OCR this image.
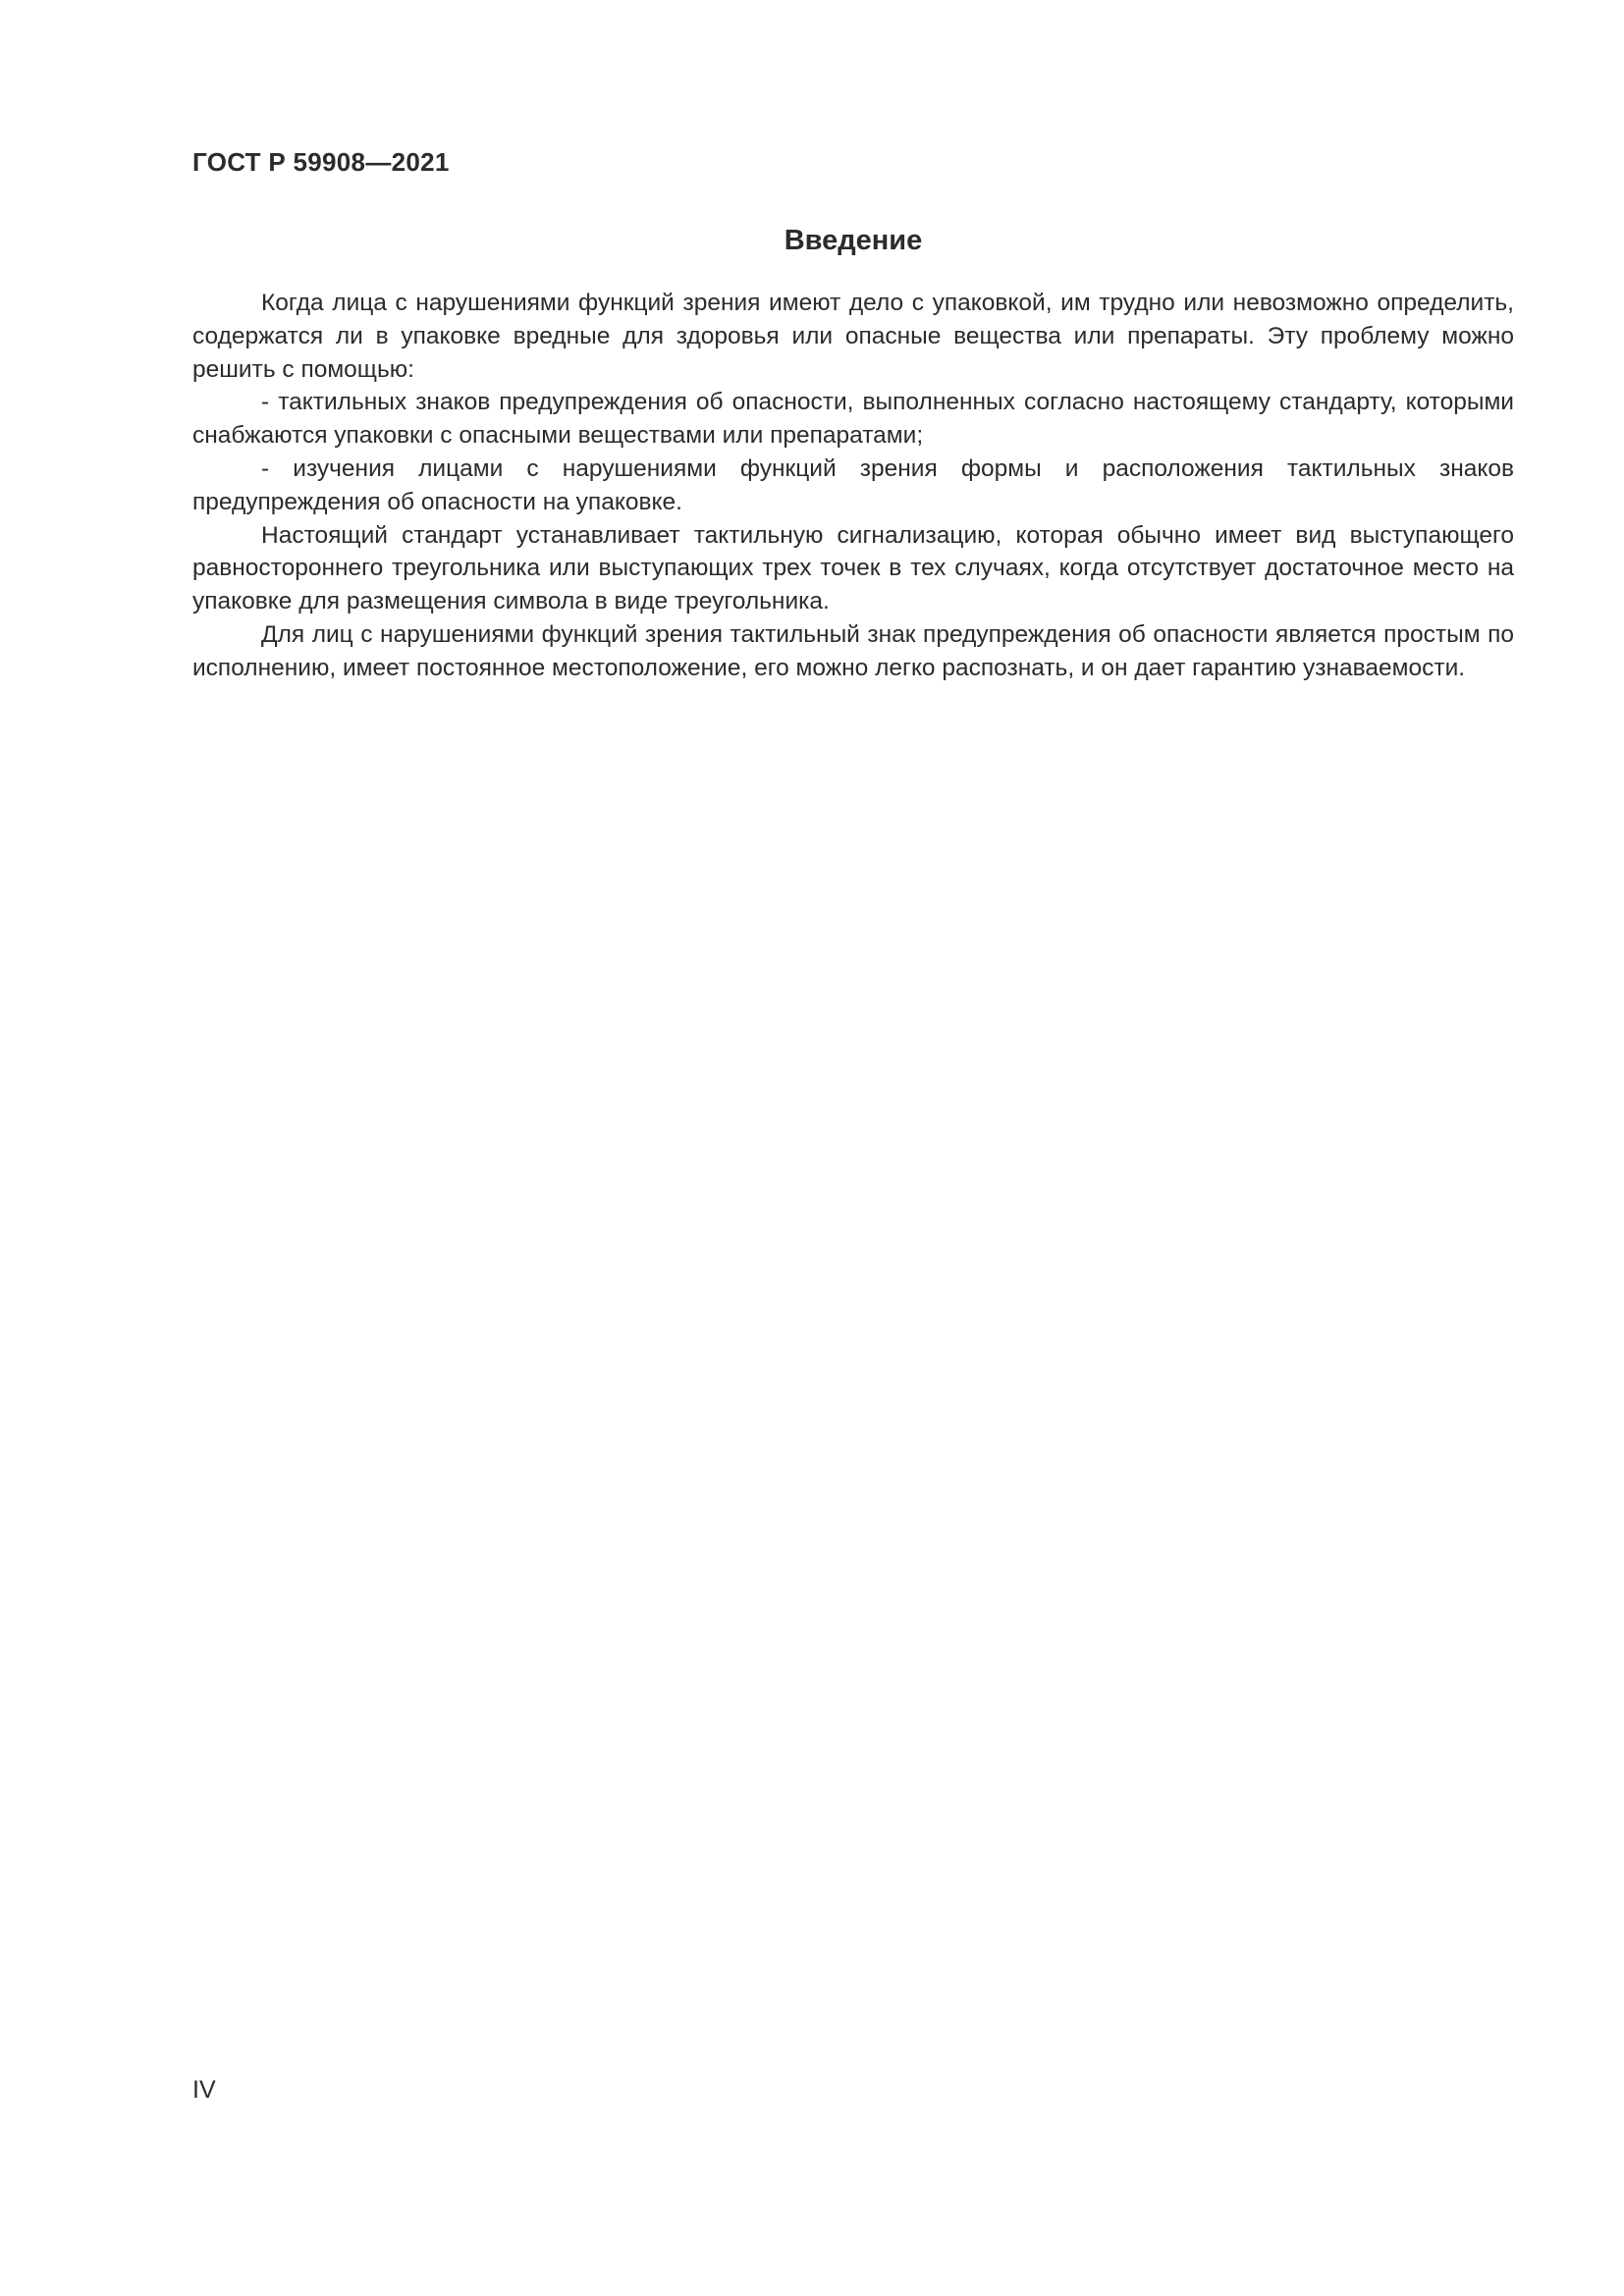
ГОСТ Р 59908—2021
Введение

Когда лица с нарушениями функций зрения имеют дело с упаковкой, им трудно или невозможно определить, содержатся ли в упаковке вредные для здоровья или опасные вещества или препараты. Эту проблему можно решить с помощью:

- тактильных знаков предупреждения об опасности, выполненных согласно настоящему стандарту, которыми снабжаются упаковки с опасными веществами или препаратами;

- изучения лицами с нарушениями функций зрения формы и расположения тактильных знаков предупреждения об опасности на упаковке.

Настоящий стандарт устанавливает тактильную сигнализацию, которая обычно имеет вид выступающего равностороннего треугольника или выступающих трех точек в тех случаях, когда отсутствует достаточное место на упаковке для размещения символа в виде треугольника.

Для лиц с нарушениями функций зрения тактильный знак предупреждения об опасности является простым по исполнению, имеет постоянное местоположение, его можно легко распознать, и он дает гарантию узнаваемости.

IV
